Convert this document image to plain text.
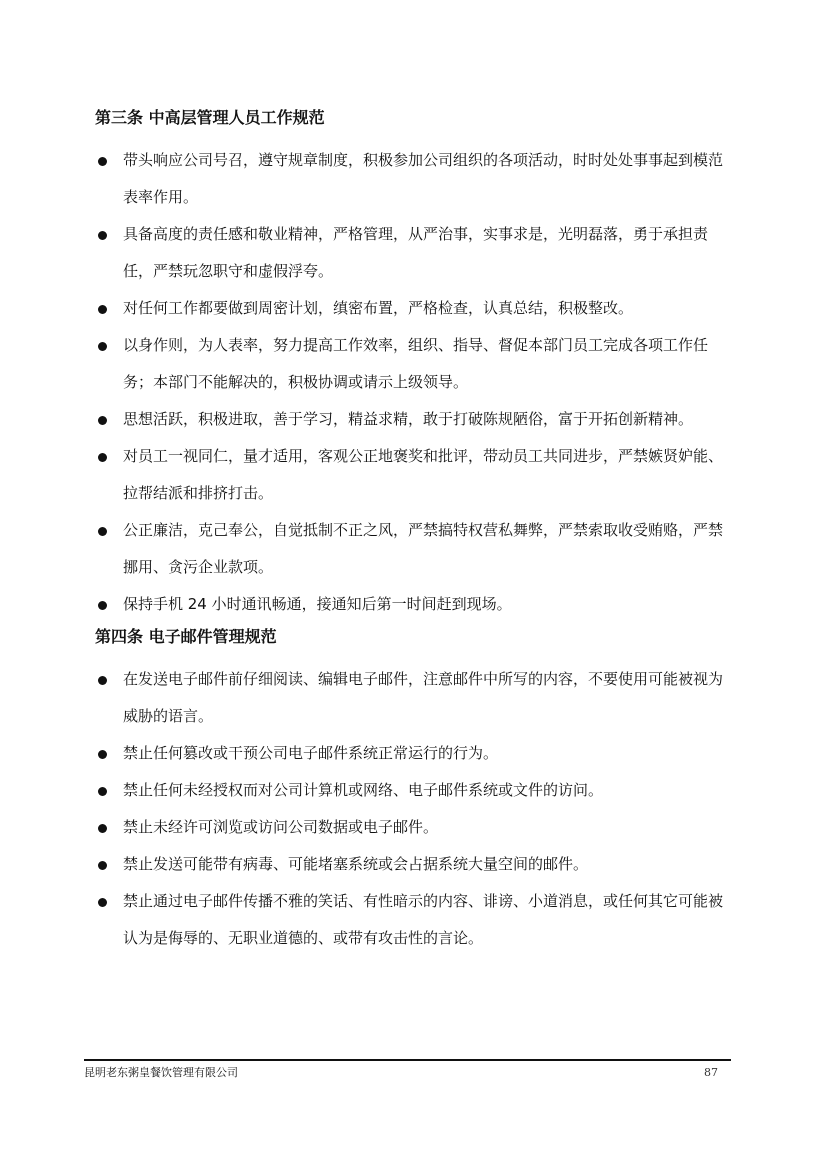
第三条 中高层管理人员工作规范
带头响应公司号召，遵守规章制度，积极参加公司组织的各项活动，时时处处事事起到模范表率作用。
具备高度的责任感和敬业精神，严格管理，从严治事，实事求是，光明磊落，勇于承担责任，严禁玩忽职守和虚假浮夸。
对任何工作都要做到周密计划，缜密布置，严格检查，认真总结，积极整改。
以身作则，为人表率，努力提高工作效率，组织、指导、督促本部门员工完成各项工作任务；本部门不能解决的，积极协调或请示上级领导。
思想活跃，积极进取，善于学习，精益求精，敢于打破陈规陋俗，富于开拓创新精神。
对员工一视同仁，量才适用，客观公正地褒奖和批评，带动员工共同进步，严禁嫉贤妒能、拉帮结派和排挤打击。
公正廉洁，克己奉公，自觉抵制不正之风，严禁搞特权营私舞弊，严禁索取收受贿赂，严禁挪用、贪污企业款项。
保持手机 24 小时通讯畅通，接通知后第一时间赶到现场。
第四条 电子邮件管理规范
在发送电子邮件前仔细阅读、编辑电子邮件，注意邮件中所写的内容，不要使用可能被视为威胁的语言。
禁止任何篡改或干预公司电子邮件系统正常运行的行为。
禁止任何未经授权而对公司计算机或网络、电子邮件系统或文件的访问。
禁止未经许可浏览或访问公司数据或电子邮件。
禁止发送可能带有病毒、可能堵塞系统或会占据系统大量空间的邮件。
禁止通过电子邮件传播不雅的笑话、有性暗示的内容、诽谤、小道消息，或任何其它可能被认为是侮辱的、无职业道德的、或带有攻击性的言论。
昆明老东粥皇餐饮管理有限公司	87
